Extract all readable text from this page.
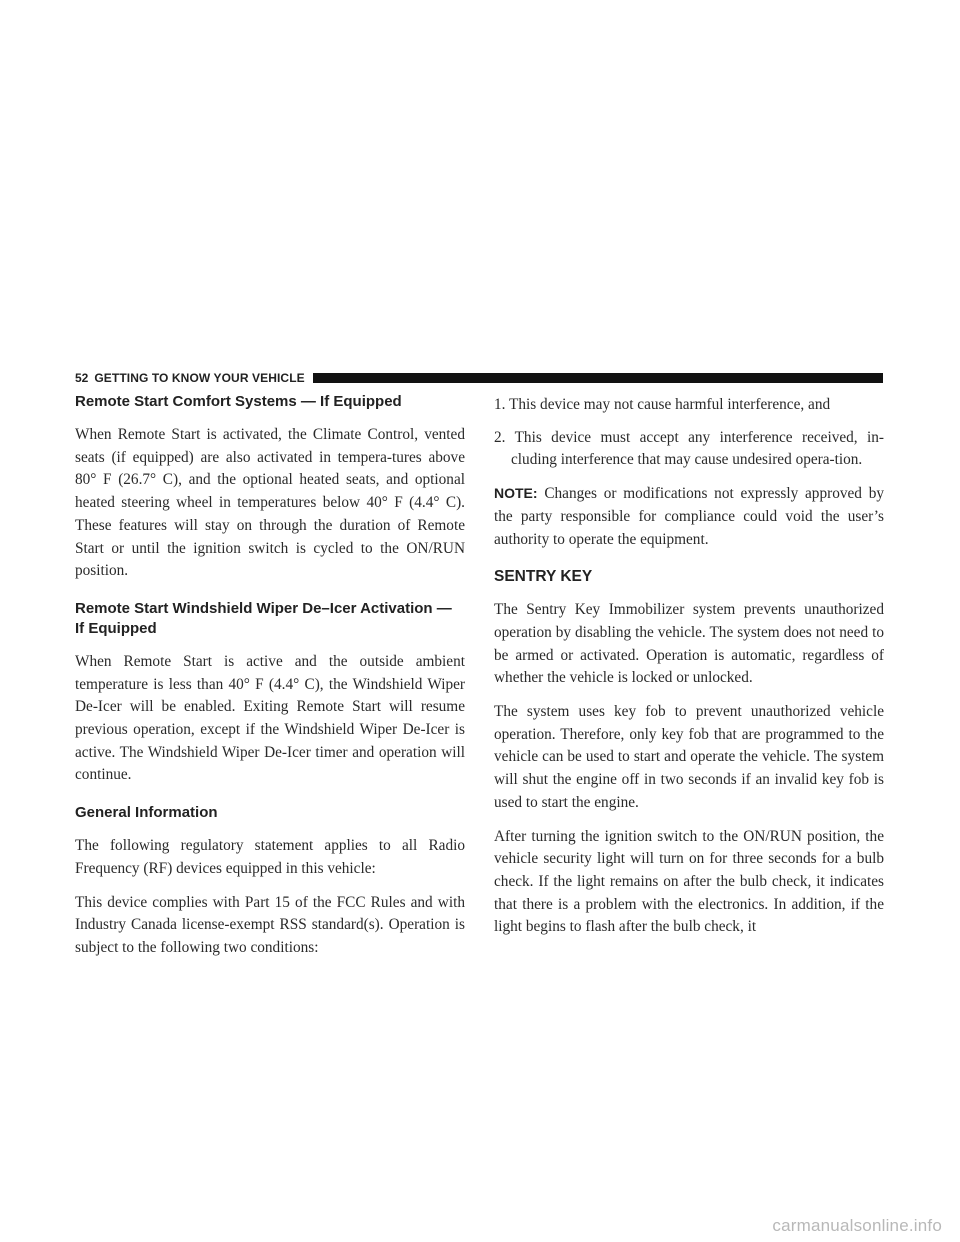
52 GETTING TO KNOW YOUR VEHICLE
Remote Start Comfort Systems — If Equipped

When Remote Start is activated, the Climate Control, vented seats (if equipped) are also activated in tempera-tures above 80° F (26.7° C), and the optional heated seats, and optional heated steering wheel in temperatures below 40° F (4.4° C). These features will stay on through the duration of Remote Start or until the ignition switch is cycled to the ON/RUN position.

Remote Start Windshield Wiper De–Icer Activation — If Equipped

When Remote Start is active and the outside ambient temperature is less than 40° F (4.4° C), the Windshield Wiper De-Icer will be enabled. Exiting Remote Start will resume previous operation, except if the Windshield Wiper De-Icer is active. The Windshield Wiper De-Icer timer and operation will continue.

General Information

The following regulatory statement applies to all Radio Frequency (RF) devices equipped in this vehicle:

This device complies with Part 15 of the FCC Rules and with Industry Canada license-exempt RSS standard(s). Operation is subject to the following two conditions:

1. This device may not cause harmful interference, and
2. This device must accept any interference received, in-cluding interference that may cause undesired opera-tion.

NOTE: Changes or modifications not expressly approved by the party responsible for compliance could void the user’s authority to operate the equipment.

SENTRY KEY

The Sentry Key Immobilizer system prevents unauthorized operation by disabling the vehicle. The system does not need to be armed or activated. Operation is automatic, regardless of whether the vehicle is locked or unlocked.

The system uses key fob to prevent unauthorized vehicle operation. Therefore, only key fob that are programmed to the vehicle can be used to start and operate the vehicle. The system will shut the engine off in two seconds if an invalid key fob is used to start the engine.

After turning the ignition switch to the ON/RUN position, the vehicle security light will turn on for three seconds for a bulb check. If the light remains on after the bulb check, it indicates that there is a problem with the electronics. In addition, if the light begins to flash after the bulb check, it

carmanualsonline.info
